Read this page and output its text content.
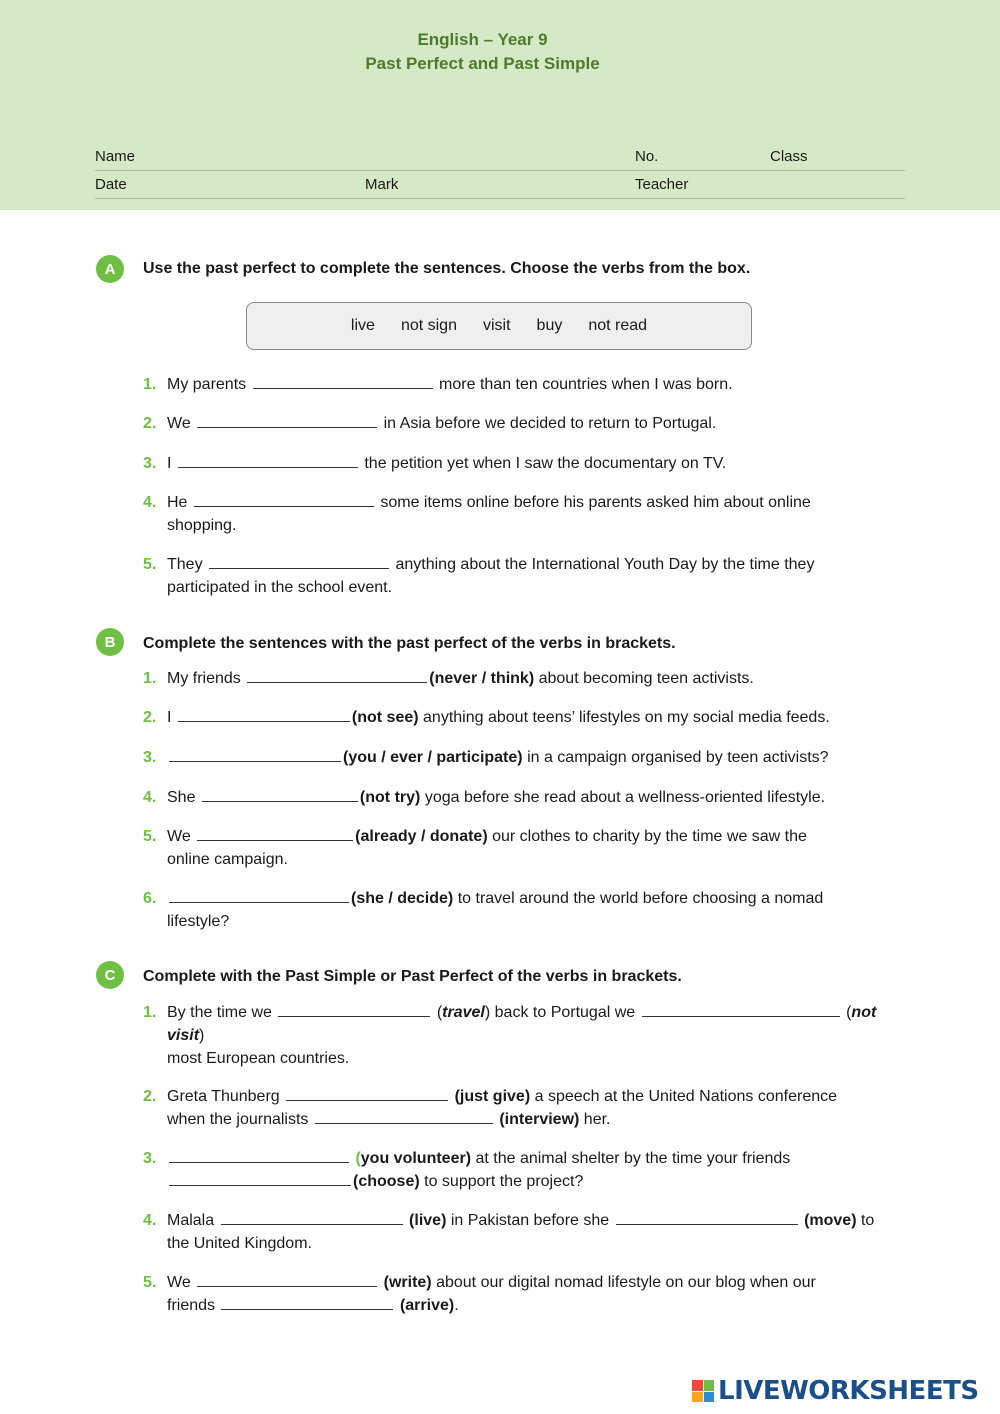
English – Year 9
Past Perfect and Past Simple
Name	No.	Class
Date	Mark	Teacher
A	Use the past perfect to complete the sentences. Choose the verbs from the box.
live not sign visit buy not read
1. My parents	more than ten countries when I was born.
2. We	in Asia before we decided to return to Portugal.
3. I	the petition yet when I saw the documentary on TV.
4. He	some items online before his parents asked him about online
shopping.
5. They	anything about the International Youth Day by the time they
participated in the school event.
B	Complete the sentences with the past perfect of the verbs in brackets.
1. My friends	(never / think) about becoming teen activists.
2. I	(not see) anything about teens’ lifestyles on my social media feeds.
3.	(you / ever / participate) in a campaign organised by teen activists?
4. She	(not try) yoga before she read about a wellness-oriented lifestyle.
5. We	(already / donate) our clothes to charity by the time we saw the
online campaign.
6.	(she / decide) to travel around the world before choosing a nomad
lifestyle?
C	Complete with the Past Simple or Past Perfect of the verbs in brackets.
1. By the time we	(travel) back to Portugal we	(not
visit)
most European countries.
2. Greta Thunberg	(just give) a speech at the United Nations conference
when the journalists	(interview) her.
3.	(you volunteer) at the animal shelter by the time your friends
(choose) to support the project?
4. Malala	(live) in Pakistan before she	(move) to
the United Kingdom.
5. We	(write) about our digital nomad lifestyle on our blog when our
friends	(arrive).
LIVEWORKSHEETS
